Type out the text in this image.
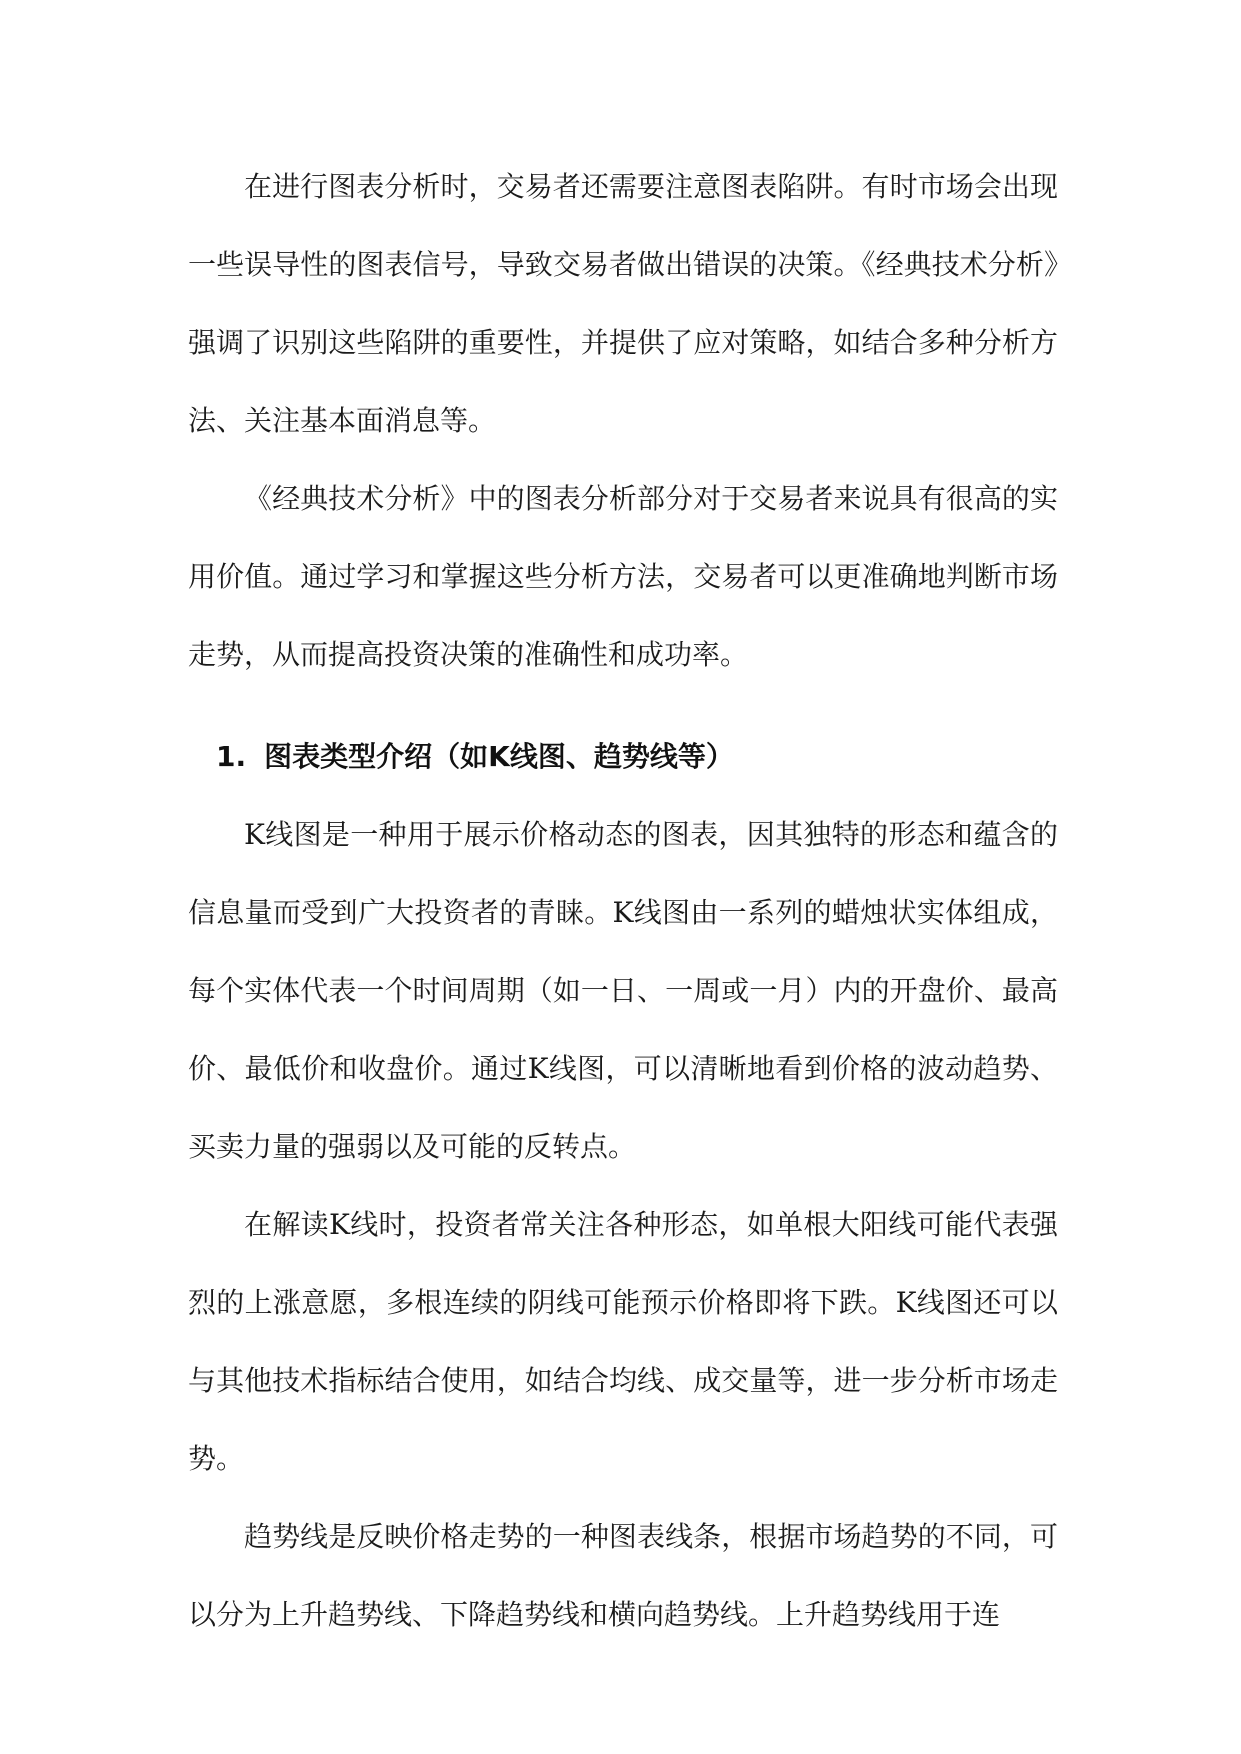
在进行图表分析时，交易者还需要注意图表陷阱。有时市场会出现一些误导性的图表信号，导致交易者做出错误的决策。《经典技术分析》强调了识别这些陷阱的重要性，并提供了应对策略，如结合多种分析方法、关注基本面消息等。

《经典技术分析》中的图表分析部分对于交易者来说具有很高的实用价值。通过学习和掌握这些分析方法，交易者可以更准确地判断市场走势，从而提高投资决策的准确性和成功率。

1. 图表类型介绍（如K线图、趋势线等）

K线图是一种用于展示价格动态的图表，因其独特的形态和蕴含的信息量而受到广大投资者的青睐。K线图由一系列的蜡烛状实体组成，每个实体代表一个时间周期（如一日、一周或一月）内的开盘价、最高价、最低价和收盘价。通过K线图，可以清晰地看到价格的波动趋势、买卖力量的强弱以及可能的反转点。

在解读K线时，投资者常关注各种形态，如单根大阳线可能代表强烈的上涨意愿，多根连续的阴线可能预示价格即将下跌。K线图还可以与其他技术指标结合使用，如结合均线、成交量等，进一步分析市场走势。

趋势线是反映价格走势的一种图表线条，根据市场趋势的不同，可以分为上升趋势线、下降趋势线和横向趋势线。上升趋势线用于连
